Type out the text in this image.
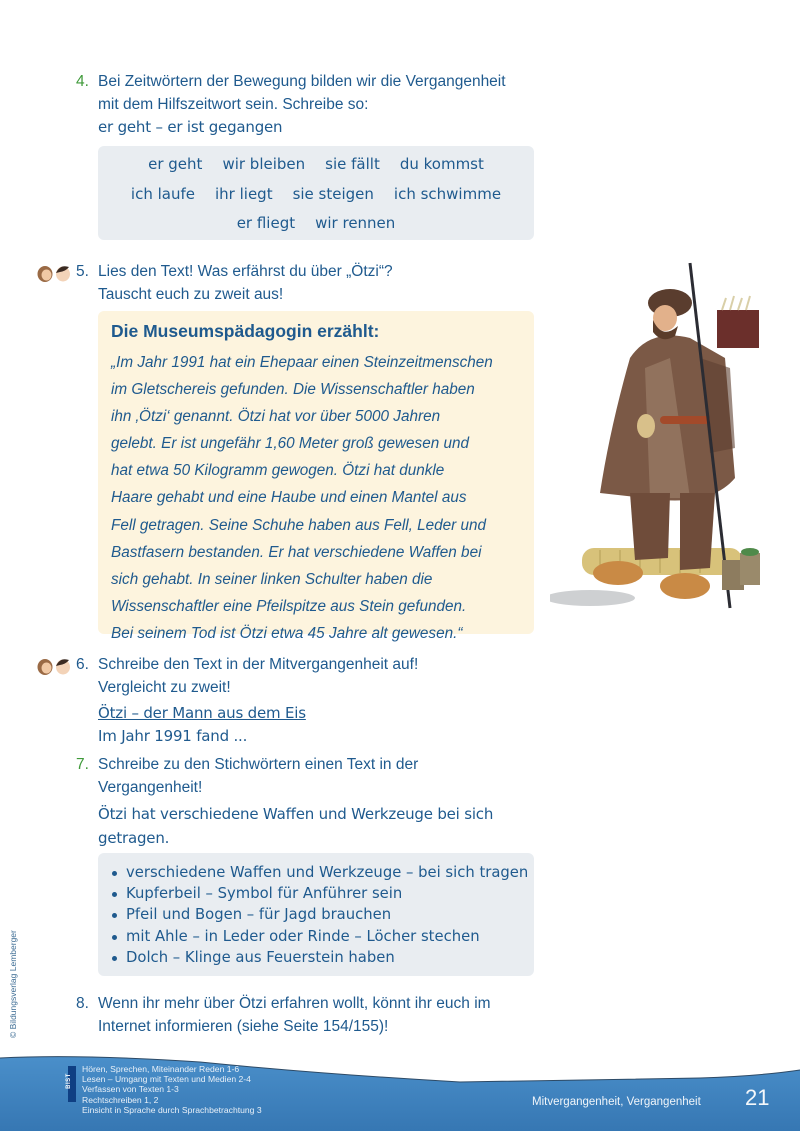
4. Bei Zeitwörtern der Bewegung bilden wir die Vergangenheit
mit dem Hilfszeitwort sein. Schreibe so:
er geht – er ist gegangen
er geht wir bleiben sie fällt du kommst
ich laufe ihr liegt sie steigen ich schwimme
er fliegt wir rennen
5. Lies den Text! Was erfährst du über „Ötzi“?
Tauscht euch zu zweit aus!
Die Museumspädagogin erzählt:
„Im Jahr 1991 hat ein Ehepaar einen Steinzeitmenschen
im Gletschereis gefunden. Die Wissenschaftler haben
ihn ‚Ötzi‘ genannt. Ötzi hat vor über 5000 Jahren
gelebt. Er ist ungefähr 1,60 Meter groß gewesen und
hat etwa 50 Kilogramm gewogen. Ötzi hat dunkle
Haare gehabt und eine Haube und einen Mantel aus
Fell getragen. Seine Schuhe haben aus Fell, Leder und
Bastfasern bestanden. Er hat verschiedene Waffen bei
sich gehabt. In seiner linken Schulter haben die
Wissenschaftler eine Pfeilspitze aus Stein gefunden.
Bei seinem Tod ist Ötzi etwa 45 Jahre alt gewesen.“
6. Schreibe den Text in der Mitvergangenheit auf!
Vergleicht zu zweit!
Ötzi – der Mann aus dem Eis
Im Jahr 1991 fand ...
7. Schreibe zu den Stichwörtern einen Text in der
Vergangenheit!
Ötzi hat verschiedene Waffen und Werkzeuge bei sich
getragen.
verschiedene Waffen und Werkzeuge – bei sich tragen
Kupferbeil – Symbol für Anführer sein
Pfeil und Bogen – für Jagd brauchen
mit Ahle – in Leder oder Rinde – Löcher stechen
Dolch – Klinge aus Feuerstein haben
8. Wenn ihr mehr über Ötzi erfahren wollt, könnt ihr euch im
Internet informieren (siehe Seite 154/155)!
© Bildungsverlag Lemberger
BIST
Hören, Sprechen, Miteinander Reden 1-6
Lesen – Umgang mit Texten und Medien 2-4
Verfassen von Texten 1-3
Rechtschreiben 1, 2
Einsicht in Sprache durch Sprachbetrachtung 3
Mitvergangenheit, Vergangenheit 21
